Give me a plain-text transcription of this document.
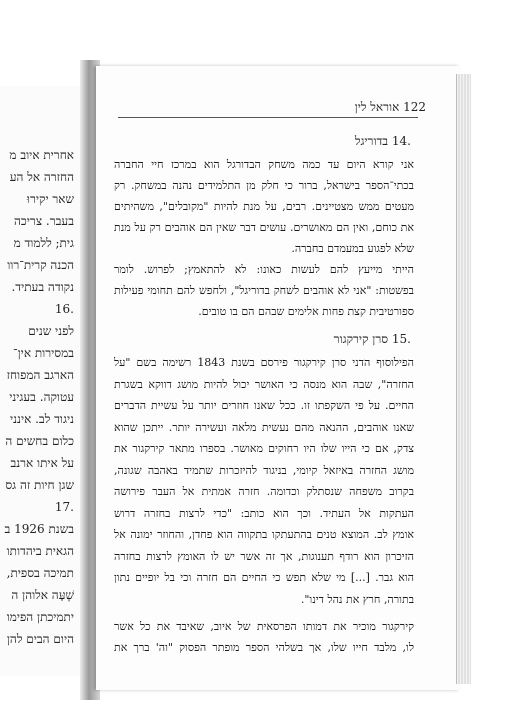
אחרית איוב מ
החזרה אל הע
שאר יקירוּ
בעבר. צריכה
גית; ללמוד מ
הכנה קרית־רוו
נקודה בעתיד.
.16
לפני שנים
במסירות אין־
הארגב המפוחז
עטוקה. בעגיני
ניגוד לב. אינני
כלום בחשים ה
על איתו ארנב
שגן חיות זה גס
.17
בשנת 1926 ב
הגאית ביהדותו
תמיכה בספית,
שֶׁעָּה אלוהן ה
יתמיכתן הפימו
היום הבים להן
122 אוראל לין
.14 בדוריגל
אני קורא היום עד כמה משחק הבדורגל הוא במרכז חיי החברה
בכתי־הספר בישראל, ברור כי חלק מן התלמידים נהנה במשחק. רק
מעטים ממש מצטיינים. רבים, על מנת להיות "מקובלים", משהיתים
את כוחם, ואין הם מאושרים. עושים דבר שאין הם אוהבים רק על מנת
שלא לפגוע במעמדם בחברה.
הייתי מייעץ להם לעשות כאונו: לא להתאמץ; לפרוש. לומר
בפשטות: "אני לא אוהבים לשחק בדוריגל", ולחפש להם תחומי פעילות
ספורטיבית קצת פחות אלימים שבהם הם בו טובים.
.15 סרן קירקגור
הפילוסוף הדני סרן קירקגור פירסם בשנת 1843 רשימה בשם "על
החזרה", שבה הוא מנסה כי האושר יכול להיות מושג דווקא בשגרת
החיים. על פי השקפתו זו. ככל שאנו חוזרים יותר על עשיית הדברים
שאנו אוהבים, ההנאה מהם נעשית מלאה ועשירה יותר. ייתכן שהוא
צדק, אם כי הייו שלו היו רחוקים מאושר. בספרו מתאר קירקגור את
מושג החזרה באיזאל קיומי, בניגוד להיזכרות שתמיד באהבה שגונה,
בקרוב משפחה שנסתלק וכדומה. חזרה אמתית אל העבר פירושה
העתקות אל העתיד. וכך הוא כותב: "כדי לרצות בחזרה דרוש
אומץ לב. המוצא טנים בהתעתקו בתקווה הוא פחדן, והחוזר ימונה אל
הזיכרון הוא רודף תענוגות, אך זה אשר יש לו האומץ לרצות בחזרה
הוא גבר. [...] מי שלא תפש כי החיים הם חזרה וכי בל יופיים נתון
בתורה, חרץ את נהל דינו".
קירקגור מוכיר את דמותו הפרסאית של איוב, שאיבד את כל אשר
לו, מלבד חייו שלו, אך בשלהי הספר מופתר הפסוק "וה' ברך את
